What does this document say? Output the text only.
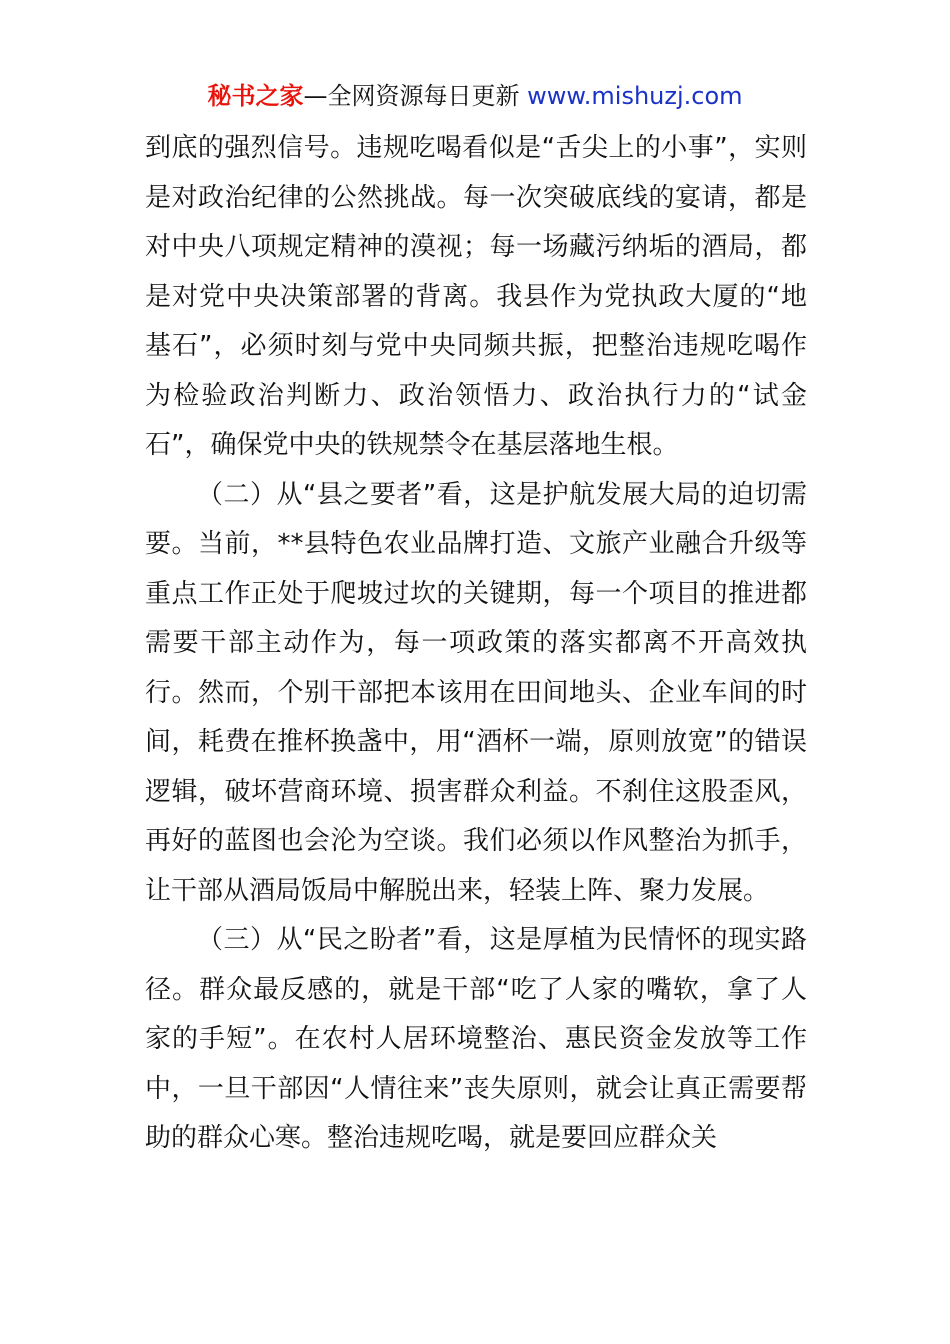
秘书之家—全网资源每日更新 www.mishuzj.com

到底的强烈信号。违规吃喝看似是“舌尖上的小事”，实则是对政治纪律的公然挑战。每一次突破底线的宴请，都是对中央八项规定精神的漠视；每一场藏污纳垢的酒局，都是对党中央决策部署的背离。我县作为党执政大厦的“地基石”，必须时刻与党中央同频共振，把整治违规吃喝作为检验政治判断力、政治领悟力、政治执行力的“试金石”，确保党中央的铁规禁令在基层落地生根。

（二）从“县之要者”看，这是护航发展大局的迫切需要。当前，**县特色农业品牌打造、文旅产业融合升级等重点工作正处于爬坡过坎的关键期，每一个项目的推进都需要干部主动作为，每一项政策的落实都离不开高效执行。然而，个别干部把本该用在田间地头、企业车间的时间，耗费在推杯换盏中，用“酒杯一端，原则放宽”的错误逻辑，破坏营商环境、损害群众利益。不刹住这股歪风，再好的蓝图也会沦为空谈。我们必须以作风整治为抓手，让干部从酒局饭局中解脱出来，轻装上阵、聚力发展。

（三）从“民之盼者”看，这是厚植为民情怀的现实路径。群众最反感的，就是干部“吃了人家的嘴软，拿了人家的手短”。在农村人居环境整治、惠民资金发放等工作中，一旦干部因“人情往来”丧失原则，就会让真正需要帮助的群众心寒。整治违规吃喝，就是要回应群众关
